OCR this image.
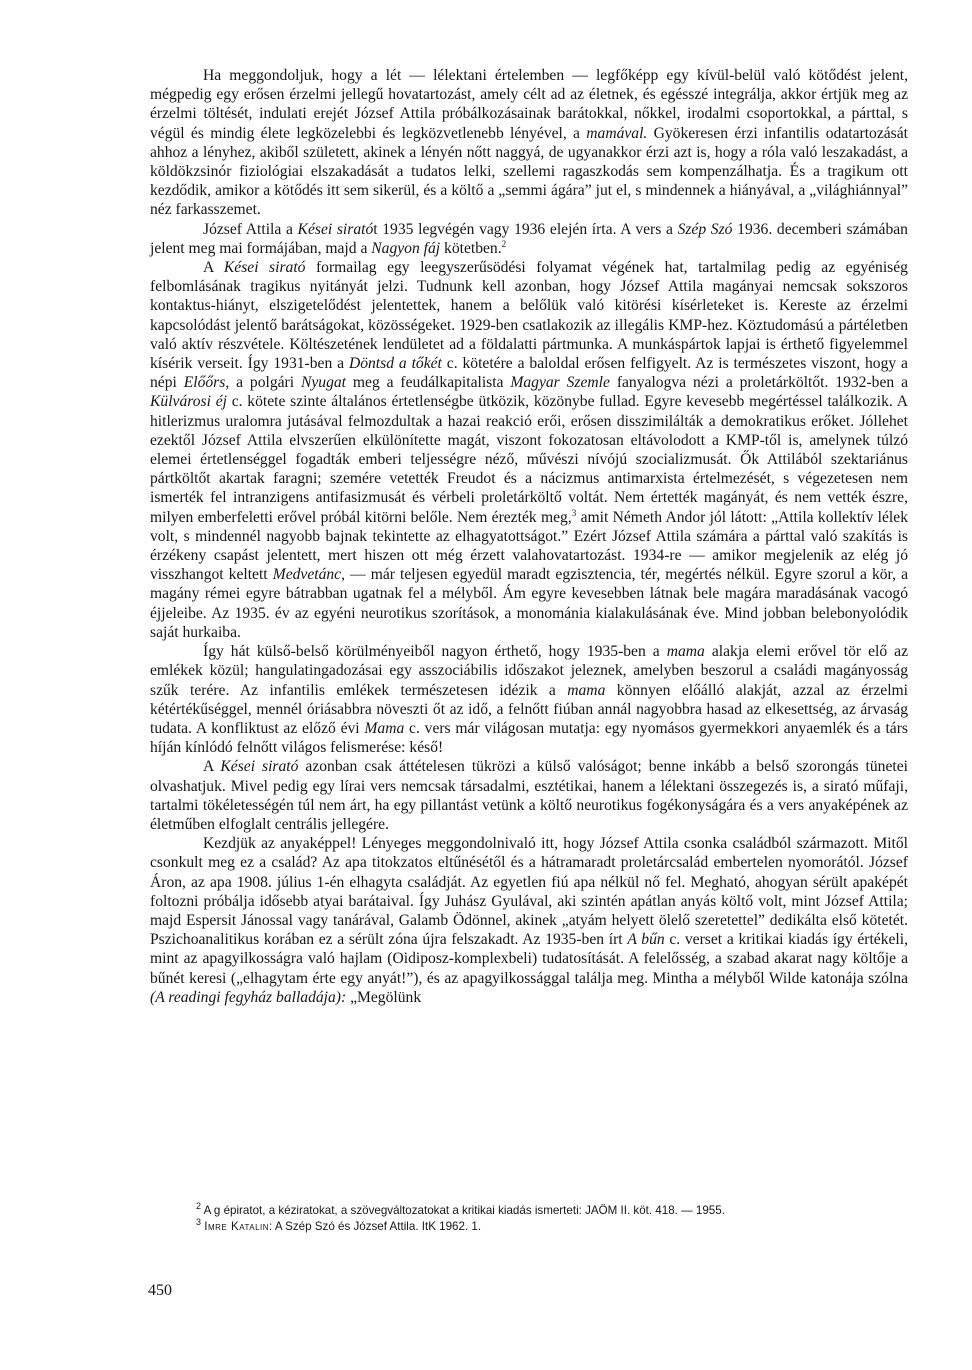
Ha meggondoljuk, hogy a lét — lélektani értelemben — legfőképp egy kívül-belül való kötődést jelent, mégpedig egy erősen érzelmi jellegű hovatartozást, amely célt ad az életnek, és egésszé integrálja, akkor értjük meg az érzelmi töltését, indulati erejét József Attila próbálkozásainak barátokkal, nőkkel, irodalmi csoportokkal, a párttal, s végül és mindig élete legközelebbi és legközvetlenebb lényével, a mamával. Gyökeresen érzi infantilis odatartozását ahhoz a lényhez, akiből született, akinek a lényén nőtt naggyá, de ugyanakkor érzi azt is, hogy a róla való leszakadást, a köldökzsinór fiziológiai elszakadását a tudatos lelki, szellemi ragaszkodás sem kompenzálhatja. És a tragikum ott kezdődik, amikor a kötődés itt sem sikerül, és a költő a „semmi ágára” jut el, s mindennek a hiányával, a „világhiánnyal” néz farkasszemet.

József Attila a Kései siratót 1935 legvégén vagy 1936 elején írta. A vers a Szép Szó 1936. decemberi számában jelent meg mai formájában, majd a Nagyon fáj kötetben.$^2$

A Kései sirató formailag egy leegyszerűsödési folyamat végének hat, tartalmilag pedig az egyéniség felbomlásának tragikus nyitányát jelzi. Tudnunk kell azonban, hogy József Attila magányai nemcsak sokszoros kontaktus-hiányt, elszigetelődést jelentettek, hanem a belőlük való kitörési kísérleteket is. Kereste az érzelmi kapcsolódást jelentő barátságokat, közösségeket. 1929-ben csatlakozik az illegális KMP-hez. Köztudomású a pártéletben való aktív részvétele. Költészetének lendületet ad a földalatti pártmunka. A munkáspártok lapjai is érthető figyelemmel kísérik verseit. Így 1931-ben a Döntsd a tőkét c. kötetére a baloldal erősen felfigyelt. Az is természetes viszont, hogy a népi Előőrs, a polgári Nyugat meg a feudálkapitalista Magyar Szemle fanyalogva nézi a proletárköltőt. 1932-ben a Külvárosi éj c. kötete szinte általános értetlenségbe ütközik, közönybe fullad. Egyre kevesebb megértéssel találkozik. A hitlerizmus uralomra jutásával felmozdultak a hazai reakció erői, erősen disszimilálták a demokratikus erőket. Jóllehet ezektől József Attila elvszerűen elkülönítette magát, viszont fokozatosan eltávolodott a KMP-től is, amelynek túlzó elemei értetlenséggel fogadták emberi teljességre néző, művészi nívójú szocializmusát. Ők Attilából szektariánus pártköltőt akartak faragni; szemére vetették Freudot és a nácizmus antimarxista értelmezését, s végezetesen nem ismerték fel intranzigens antifasizmusát és vérbeli proletárköltő voltát. Nem értették magányát, és nem vették észre, milyen emberfeletti erővel próbál kitörni belőle. Nem érezték meg,$^3$ amit Németh Andor jól látott: „Attila kollektív lélek volt, s mindennél nagyobb bajnak tekintette az elhagyatottságot.” Ezért József Attila számára a párttal való szakítás is érzékeny csapást jelentett, mert hiszen ott még érzett valahovatartozást. 1934-re — amikor megjelenik az elég jó visszhangot keltett Medvetánc, — már teljesen egyedül maradt egzisztencia, tér, megértés nélkül. Egyre szorul a kör, a magány rémei egyre bátrabban ugatnak fel a mélyből. Ám egyre kevesebben látnak bele magára maradásának vacogó éjjeleibe. Az 1935. év az egyéni neurotikus szorítások, a monománia kialakulásának éve. Mind jobban belebonyolódik saját hurkaiba.

Így hát külső-belső körülményeiből nagyon érthető, hogy 1935-ben a mama alakja elemi erővel tör elő az emlékek közül; hangulatingadozásai egy asszociábilis időszakot jeleznek, amelyben beszorul a családi magányosság szűk terére. Az infantilis emlékek természetesen idézik a mama könnyen előálló alakját, azzal az érzelmi kétértékűséggel, mennél óriásabbra növeszti őt az idő, a felnőtt fiúban annál nagyobbra hasad az elkesettség, az árvaság tudata. A konfliktust az előző évi Mama c. vers már világosan mutatja: egy nyomásos gyermekkori anyaemlék és a társ híján kínlódó felnőtt világos felismerése: késő!

A Kései sirató azonban csak áttételesen tükrözi a külső valóságot; benne inkább a belső szorongás tünetei olvashatjuk. Mivel pedig egy lírai vers nemcsak társadalmi, esztétikai, hanem a lélektani összegezés is, a sirató műfaji, tartalmi tökéletességén túl nem árt, ha egy pillantást vetünk a költő neurotikus fogékonyságára és a vers anyaképének az életműben elfoglalt centrális jellegére.

Kezdjük az anyaképpel! Lényeges meggondolnivaló itt, hogy József Attila csonka családból származott. Mitől csonkult meg ez a család? Az apa titokzatos eltűnésétől és a hátramaradt proletárcsalád embertelen nyomorától. József Áron, az apa 1908. július 1-én elhagyta családját. Az egyetlen fiú apa nélkül nő fel. Megható, ahogyan sérült apaképét foltozni próbálja idősebb atyai barátaival. Így Juhász Gyulával, aki szintén apátlan anyás költő volt, mint József Attila; majd Espersit Jánossal vagy tanárával, Galamb Ödönnel, akinek „atyám helyett ölelő szeretettel” dedikálta első kötetét. Pszichoanalitikus korában ez a sérült zóna újra felszakadt. Az 1935-ben írt A bűn c. verset a kritikai kiadás így értékeli, mint az apagyilkosságra való hajlam (Oidiposz-komplexbeli) tudatosítását. A felelősség, a szabad akarat nagy költője a bűnét keresi („elhagytam érte egy anyát!”), és az apagyilkossággal találja meg. Mintha a mélyből Wilde katonája szólna (A readingi fegyház balladája): „Megölünk

$^2$ A g épiratot, a kéziratokat, a szövegváltozatokat a kritikai kiadás ismerteti: JAÖM II. köt. 418. — 1955.
$^3$ Imre Katalin: A Szép Szó és József Attila. ItK 1962. 1.
450
